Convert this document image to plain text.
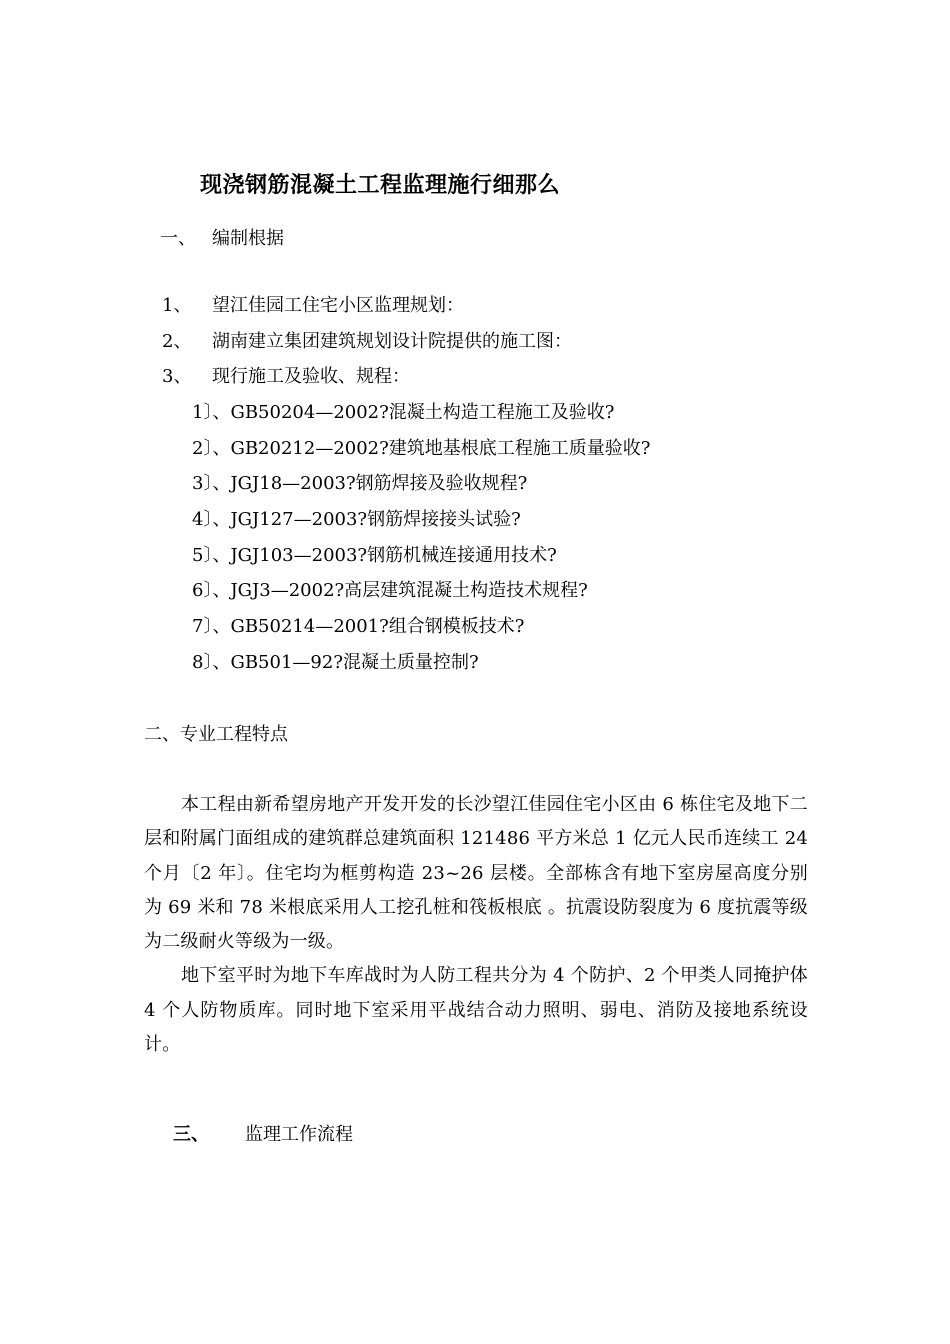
现浇钢筋混凝土工程监理施行细那么
一、 编制根据
1、 望江佳园工住宅小区监理规划：
2、 湖南建立集团建筑规划设计院提供的施工图：
3、 现行施工及验收、规程：
1〕、GB50204—2002?混凝土构造工程施工及验收?
2〕、GB20212—2002?建筑地基根底工程施工质量验收?
3〕、JGJ18—2003?钢筋焊接及验收规程?
4〕、JGJ127—2003?钢筋焊接接头试验?
5〕、JGJ103—2003?钢筋机械连接通用技术?
6〕、JGJ3—2002?高层建筑混凝土构造技术规程?
7〕、GB50214—2001?组合钢模板技术?
8〕、GB501—92?混凝土质量控制?
二、专业工程特点

本工程由新希望房地产开发开发的长沙望江佳园住宅小区由 6 栋住宅及地下二层和附属门面组成的建筑群总建筑面积 121486 平方米总 1 亿元人民币连续工 24 个月〔2 年〕。住宅均为框剪构造 23~26 层楼。全部栋含有地下室房屋高度分别为 69 米和 78 米根底采用人工挖孔桩和筏板根底 。抗震设防裂度为 6 度抗震等级为二级耐火等级为一级。

地下室平时为地下车库战时为人防工程共分为 4 个防护、2 个甲类人同掩护体 4 个人防物质库。同时地下室采用平战结合动力照明、弱电、消防及接地系统设计。

三、 监理工作流程
